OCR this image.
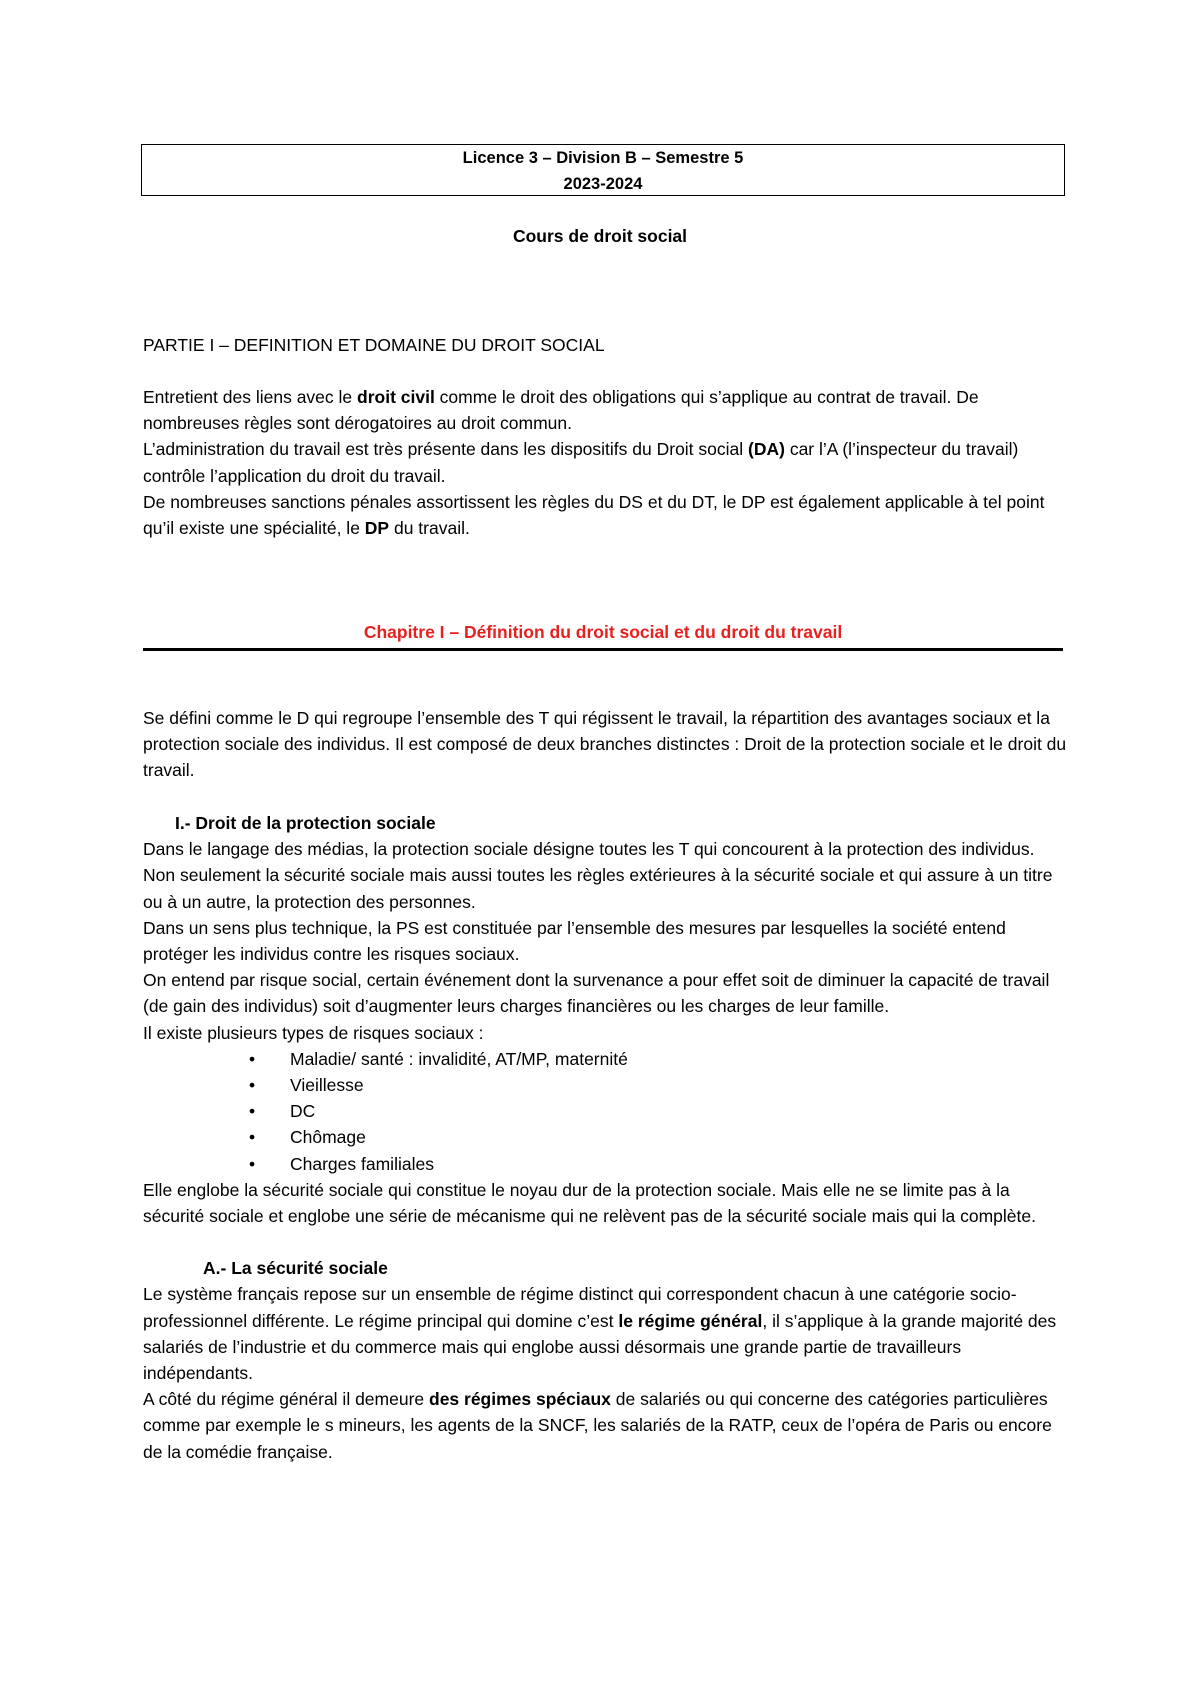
Licence 3 – Division B – Semestre 5
2023-2024
Cours de droit social
PARTIE I – DEFINITION ET DOMAINE DU DROIT SOCIAL

Entretient des liens avec le droit civil comme le droit des obligations qui s’applique au contrat de travail. De nombreuses règles sont dérogatoires au droit commun.

L’administration du travail est très présente dans les dispositifs du Droit social (DA) car l’A (l’inspecteur du travail) contrôle l’application du droit du travail.

De nombreuses sanctions pénales assortissent les règles du DS et du DT, le DP est également applicable à tel point qu’il existe une spécialité, le DP du travail.

Chapitre I – Définition du droit social et du droit du travail

Se défini comme le D qui regroupe l’ensemble des T qui régissent le travail, la répartition des avantages sociaux et la protection sociale des individus. Il est composé de deux branches distinctes : Droit de la protection sociale et le droit du travail.

I.- Droit de la protection sociale

Dans le langage des médias, la protection sociale désigne toutes les T qui concourent à la protection des individus. Non seulement la sécurité sociale mais aussi toutes les règles extérieures à la sécurité sociale et qui assure à un titre ou à un autre, la protection des personnes.

Dans un sens plus technique, la PS est constituée par l’ensemble des mesures par lesquelles la société entend protéger les individus contre les risques sociaux.

On entend par risque social, certain événement dont la survenance a pour effet soit de diminuer la capacité de travail (de gain des individus) soit d’augmenter leurs charges financières ou les charges de leur famille.

Il existe plusieurs types de risques sociaux :

• Maladie/ santé : invalidité, AT/MP, maternité
• Vieillesse
• DC
• Chômage
• Charges familiales

Elle englobe la sécurité sociale qui constitue le noyau dur de la protection sociale. Mais elle ne se limite pas à la sécurité sociale et englobe une série de mécanisme qui ne relèvent pas de la sécurité sociale mais qui la complète.

A.- La sécurité sociale

Le système français repose sur un ensemble de régime distinct qui correspondent chacun à une catégorie socio-professionnel différente. Le régime principal qui domine c’est le régime général, il s’applique à la grande majorité des salariés de l’industrie et du commerce mais qui englobe aussi désormais une grande partie de travailleurs indépendants.

A côté du régime général il demeure des régimes spéciaux de salariés ou qui concerne des catégories particulières comme par exemple le s mineurs, les agents de la SNCF, les salariés de la RATP, ceux de l’opéra de Paris ou encore de la comédie française.
